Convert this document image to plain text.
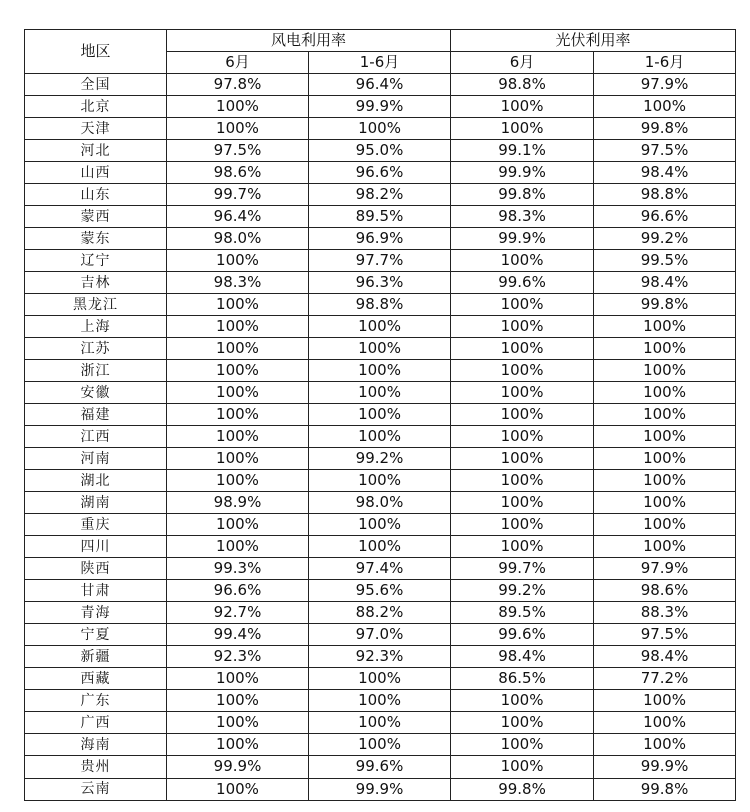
地区	风电利用率		光伏利用率	
	6月	1-6月	6月	1-6月
全国	97.8%	96.4%	98.8%	97.9%
北京	100%	99.9%	100%	100%
天津	100%	100%	100%	99.8%
河北	97.5%	95.0%	99.1%	97.5%
山西	98.6%	96.6%	99.9%	98.4%
山东	99.7%	98.2%	99.8%	98.8%
蒙西	96.4%	89.5%	98.3%	96.6%
蒙东	98.0%	96.9%	99.9%	99.2%
辽宁	100%	97.7%	100%	99.5%
吉林	98.3%	96.3%	99.6%	98.4%
黑龙江	100%	98.8%	100%	99.8%
上海	100%	100%	100%	100%
江苏	100%	100%	100%	100%
浙江	100%	100%	100%	100%
安徽	100%	100%	100%	100%
福建	100%	100%	100%	100%
江西	100%	100%	100%	100%
河南	100%	99.2%	100%	100%
湖北	100%	100%	100%	100%
湖南	98.9%	98.0%	100%	100%
重庆	100%	100%	100%	100%
四川	100%	100%	100%	100%
陕西	99.3%	97.4%	99.7%	97.9%
甘肃	96.6%	95.6%	99.2%	98.6%
青海	92.7%	88.2%	89.5%	88.3%
宁夏	99.4%	97.0%	99.6%	97.5%
新疆	92.3%	92.3%	98.4%	98.4%
西藏	100%	100%	86.5%	77.2%
广东	100%	100%	100%	100%
广西	100%	100%	100%	100%
海南	100%	100%	100%	100%
贵州	99.9%	99.6%	100%	99.9%
云南	100%	99.9%	99.8%	99.8%
